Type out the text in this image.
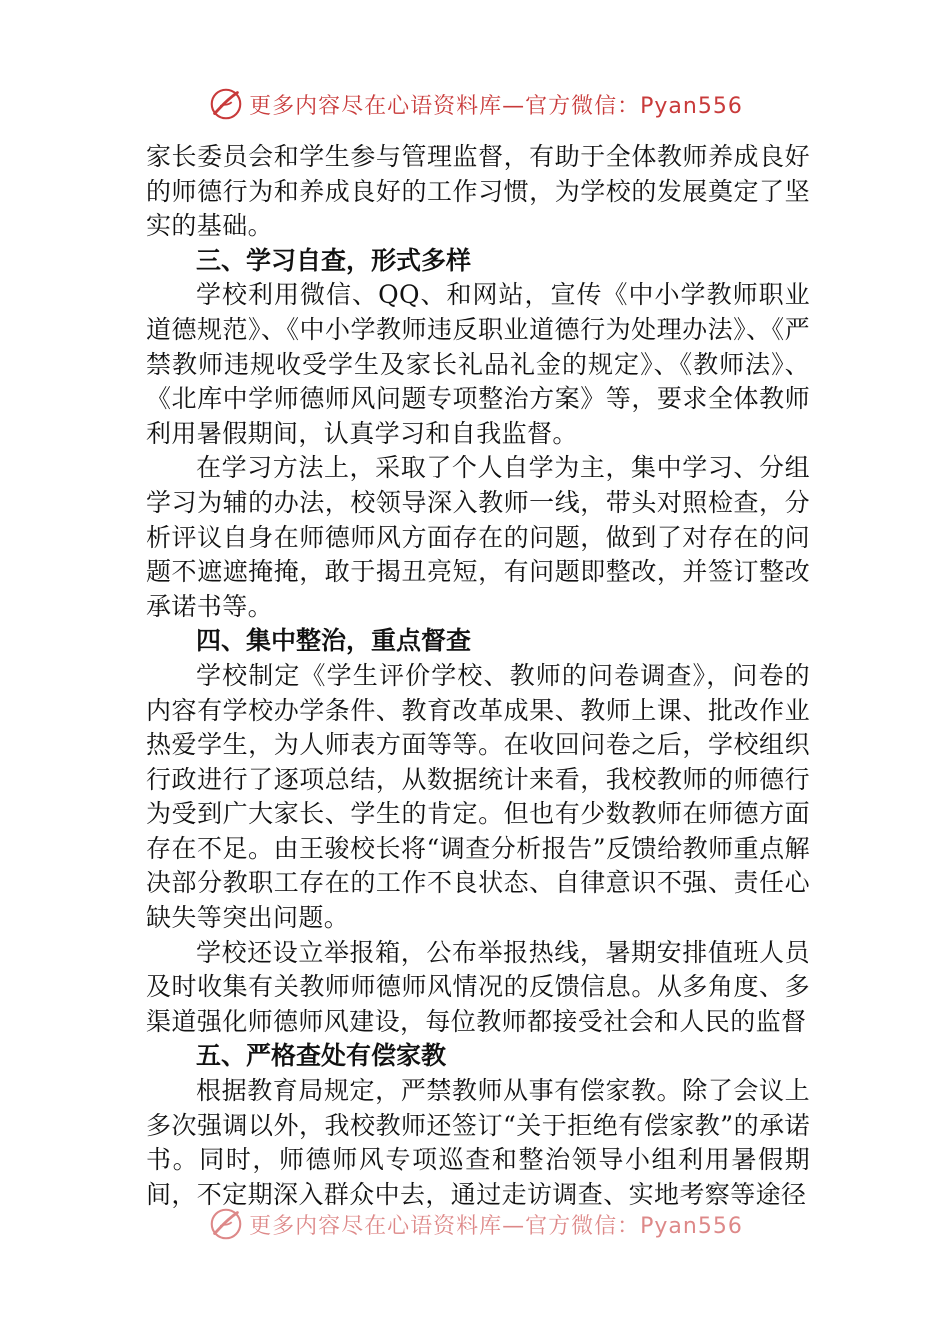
更多内容尽在心语资料库—官方微信：Pyan556

家长委员会和学生参与管理监督，有助于全体教师养成良好的师德行为和养成良好的工作习惯，为学校的发展奠定了坚实的基础。

三、学习自查，形式多样

学校利用微信、QQ、和网站，宣传《中小学教师职业道德规范》、《中小学教师违反职业道德行为处理办法》、《严禁教师违规收受学生及家长礼品礼金的规定》、《教师法》、《北库中学师德师风问题专项整治方案》等，要求全体教师利用暑假期间，认真学习和自我监督。

在学习方法上，采取了个人自学为主，集中学习、分组学习为辅的办法，校领导深入教师一线，带头对照检查，分析评议自身在师德师风方面存在的问题，做到了对存在的问题不遮遮掩掩，敢于揭丑亮短，有问题即整改，并签订整改承诺书等。

四、集中整治，重点督查

学校制定《学生评价学校、教师的问卷调查》，问卷的内容有学校办学条件、教育改革成果、教师上课、批改作业热爱学生，为人师表方面等等。在收回问卷之后，学校组织行政进行了逐项总结，从数据统计来看，我校教师的师德行为受到广大家长、学生的肯定。但也有少数教师在师德方面存在不足。由王骏校长将“调查分析报告”反馈给教师重点解决部分教职工存在的工作不良状态、自律意识不强、责任心缺失等突出问题。

学校还设立举报箱，公布举报热线，暑期安排值班人员及时收集有关教师师德师风情况的反馈信息。从多角度、多渠道强化师德师风建设，每位教师都接受社会和人民的监督

五、严格查处有偿家教

根据教育局规定，严禁教师从事有偿家教。除了会议上多次强调以外，我校教师还签订“关于拒绝有偿家教”的承诺书。同时，师德师风专项巡查和整治领导小组利用暑假期间，不定期深入群众中去，通过走访调查、实地考察等途径

更多内容尽在心语资料库—官方微信：Pyan556
